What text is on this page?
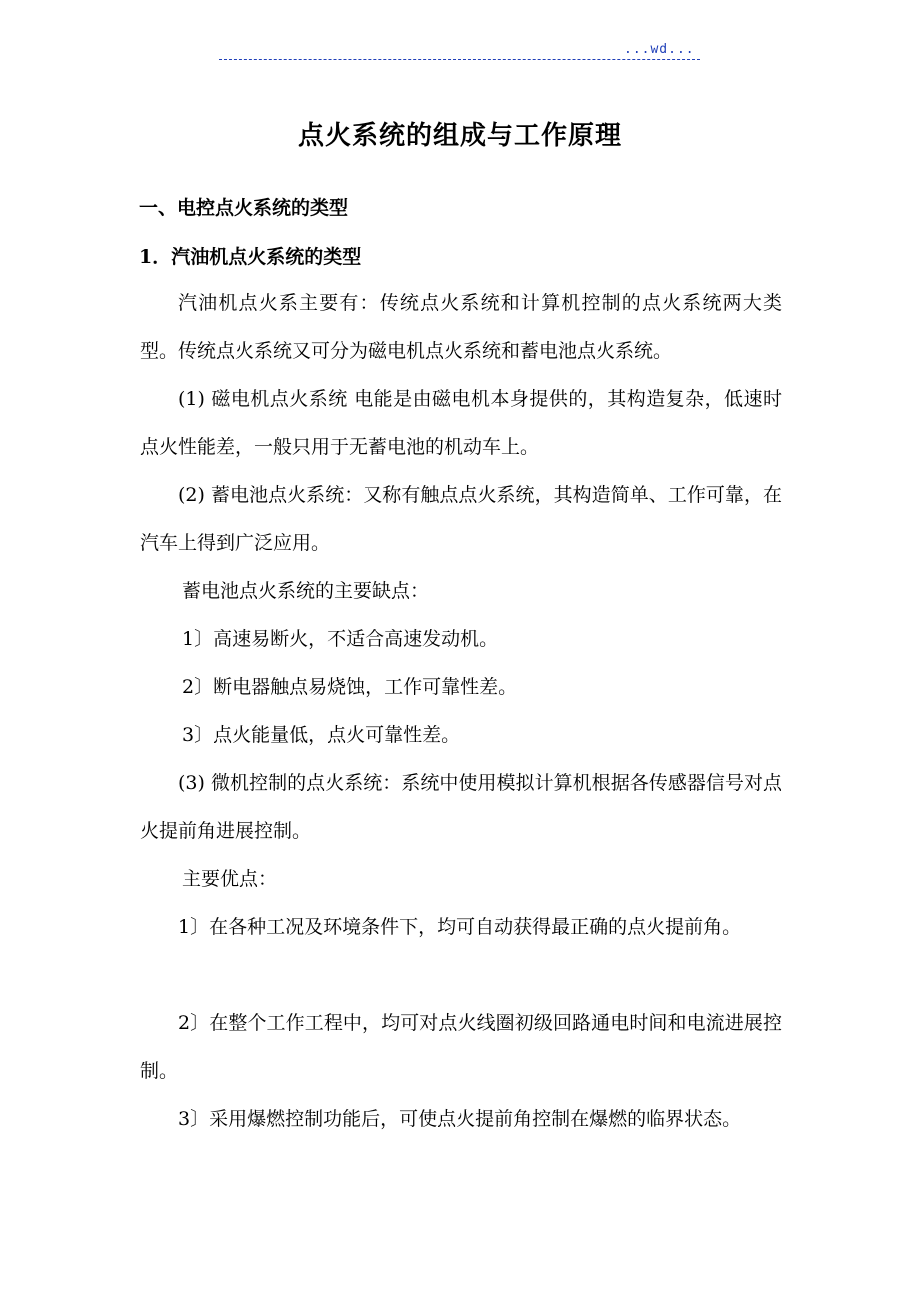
...wd...
点火系统的组成与工作原理
一、电控点火系统的类型
1．汽油机点火系统的类型
汽油机点火系主要有：传统点火系统和计算机控制的点火系统两大类型。传统点火系统又可分为磁电机点火系统和蓄电池点火系统。
(1) 磁电机点火系统 电能是由磁电机本身提供的，其构造复杂，低速时点火性能差，一般只用于无蓄电池的机动车上。
(2) 蓄电池点火系统：又称有触点点火系统，其构造简单、工作可靠，在汽车上得到广泛应用。
蓄电池点火系统的主要缺点：
1〕高速易断火，不适合高速发动机。
2〕断电器触点易烧蚀，工作可靠性差。
3〕点火能量低，点火可靠性差。
(3) 微机控制的点火系统：系统中使用模拟计算机根据各传感器信号对点火提前角进展控制。
主要优点：
1〕在各种工况及环境条件下，均可自动获得最正确的点火提前角。
2〕在整个工作工程中，均可对点火线圈初级回路通电时间和电流进展控制。
3〕采用爆燃控制功能后，可使点火提前角控制在爆燃的临界状态。
